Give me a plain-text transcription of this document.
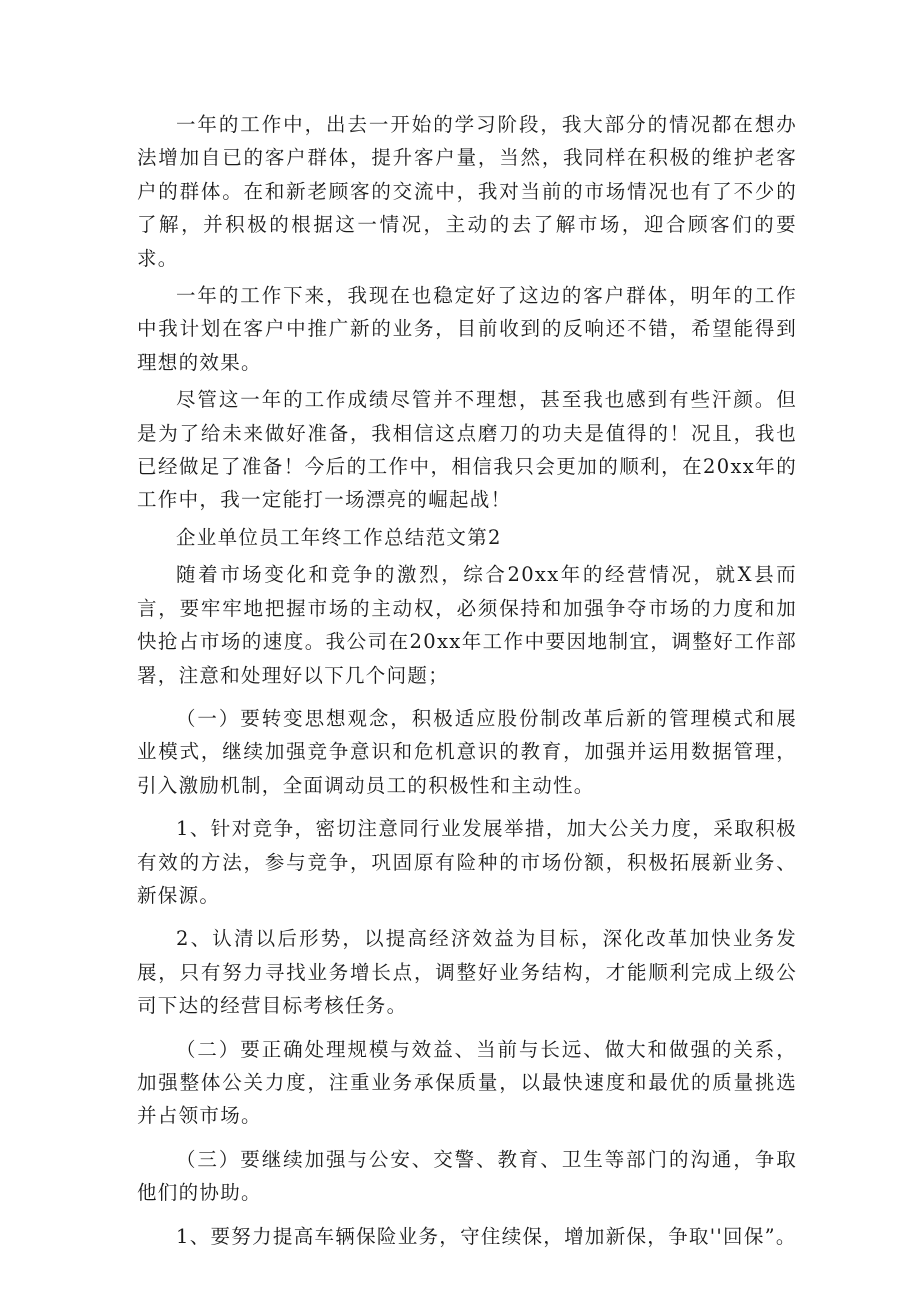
一年的工作中，出去一开始的学习阶段，我大部分的情况都在想办法增加自已的客户群体，提升客户量，当然，我同样在积极的维护老客户的群体。在和新老顾客的交流中，我对当前的市场情况也有了不少的了解，并积极的根据这一情况，主动的去了解市场，迎合顾客们的要求。

一年的工作下来，我现在也稳定好了这边的客户群体，明年的工作中我计划在客户中推广新的业务，目前收到的反响还不错，希望能得到理想的效果。

尽管这一年的工作成绩尽管并不理想，甚至我也感到有些汗颜。但是为了给未来做好准备，我相信这点磨刀的功夫是值得的！况且，我也已经做足了准备！今后的工作中，相信我只会更加的顺利，在20xx年的工作中，我一定能打一场漂亮的崛起战！

企业单位员工年终工作总结范文第2

随着市场变化和竞争的激烈，综合20xx年的经营情况，就X县而言，要牢牢地把握市场的主动权，必须保持和加强争夺市场的力度和加快抢占市场的速度。我公司在20xx年工作中要因地制宜，调整好工作部署，注意和处理好以下几个问题；

（一）要转变思想观念，积极适应股份制改革后新的管理模式和展业模式，继续加强竞争意识和危机意识的教育，加强并运用数据管理，引入激励机制，全面调动员工的积极性和主动性。

1、针对竞争，密切注意同行业发展举措，加大公关力度，采取积极有效的方法，参与竞争，巩固原有险种的市场份额，积极拓展新业务、新保源。

2、认清以后形势，以提高经济效益为目标，深化改革加快业务发展，只有努力寻找业务增长点，调整好业务结构，才能顺利完成上级公司下达的经营目标考核任务。

（二）要正确处理规模与效益、当前与长远、做大和做强的关系，加强整体公关力度，注重业务承保质量，以最快速度和最优的质量挑选并占领市场。

（三）要继续加强与公安、交警、教育、卫生等部门的沟通，争取他们的协助。

1、要努力提高车辆保险业务，守住续保，增加新保，争取''回保”。
